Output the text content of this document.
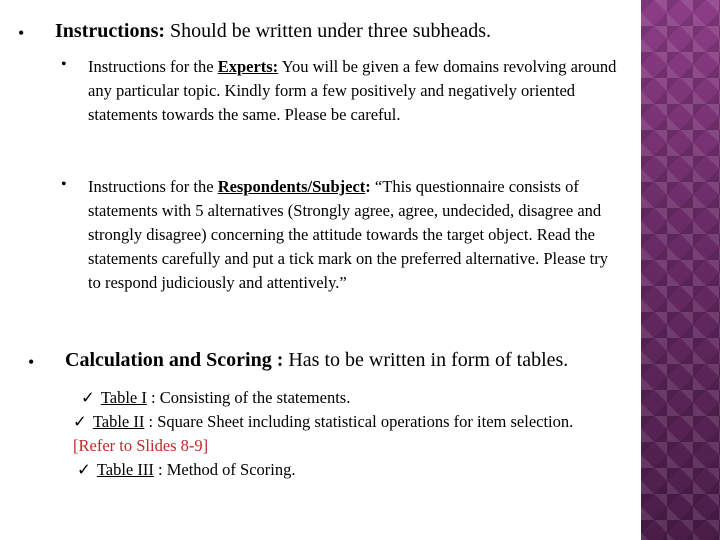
• Instructions: Should be written under three subheads.
• Instructions for the Experts: You will be given a few domains revolving around any particular topic. Kindly form a few positively and negatively oriented statements towards the same. Please be careful.
• Instructions for the Respondents/Subject: “This questionnaire consists of statements with 5 alternatives (Strongly agree, agree, undecided, disagree and strongly disagree) concerning the attitude towards the target object. Read the statements carefully and put a tick mark on the preferred alternative. Please try to respond judiciously and attentively.”
• Calculation and Scoring : Has to be written in form of tables.
✓ Table I : Consisting of the statements.
✓ Table II : Square Sheet including statistical operations for item selection. [Refer to Slides 8-9]
✓ Table III : Method of Scoring.
